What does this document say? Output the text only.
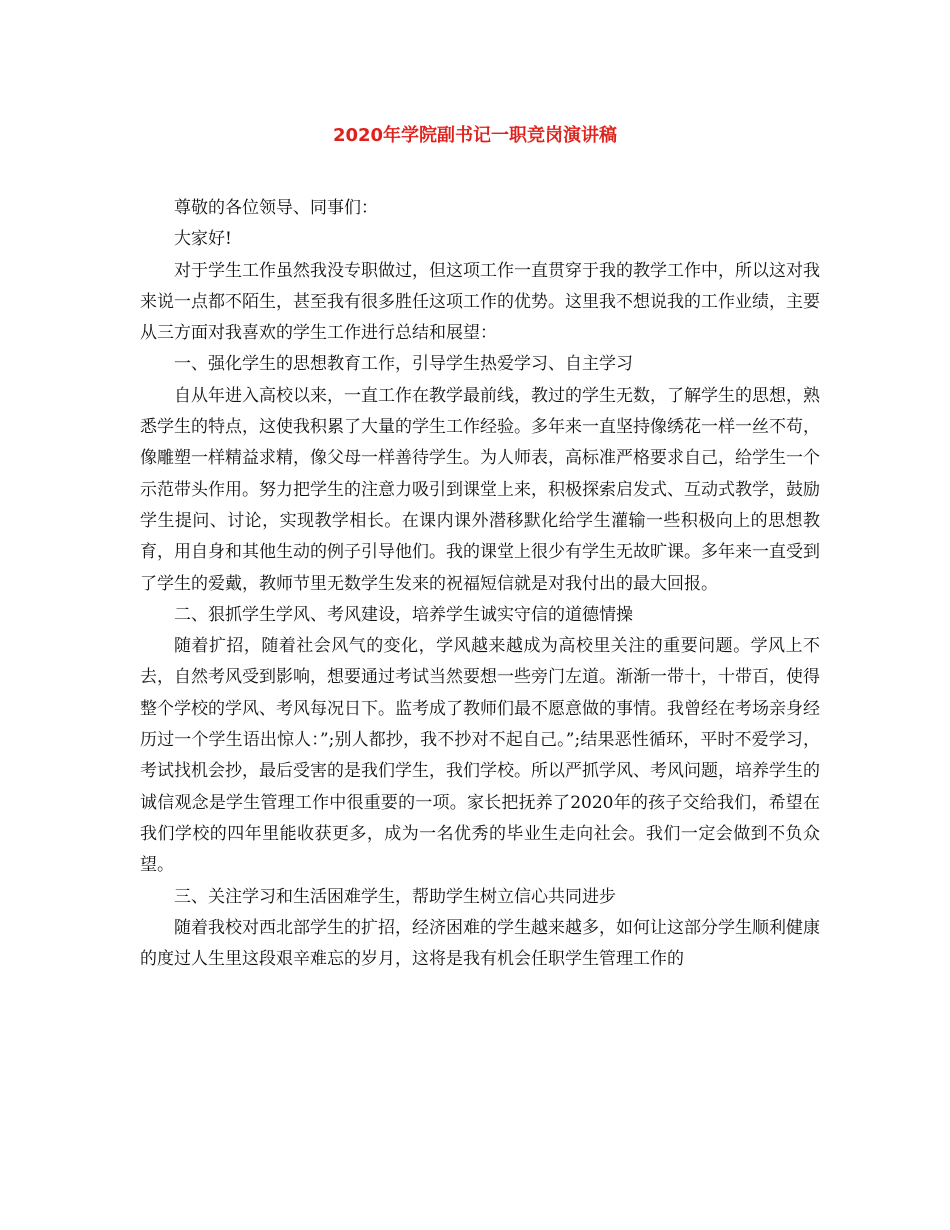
2020年学院副书记一职竞岗演讲稿

尊敬的各位领导、同事们：

大家好!

对于学生工作虽然我没专职做过，但这项工作一直贯穿于我的教学工作中，所以这对我来说一点都不陌生，甚至我有很多胜任这项工作的优势。这里我不想说我的工作业绩，主要从三方面对我喜欢的学生工作进行总结和展望：

一、强化学生的思想教育工作，引导学生热爱学习、自主学习

自从年进入高校以来，一直工作在教学最前线，教过的学生无数，了解学生的思想，熟悉学生的特点，这使我积累了大量的学生工作经验。多年来一直坚持像绣花一样一丝不苟，像雕塑一样精益求精，像父母一样善待学生。为人师表，高标准严格要求自己，给学生一个示范带头作用。努力把学生的注意力吸引到课堂上来，积极探索启发式、互动式教学，鼓励学生提问、讨论，实现教学相长。在课内课外潜移默化给学生灌输一些积极向上的思想教育，用自身和其他生动的例子引导他们。我的课堂上很少有学生无故旷课。多年来一直受到了学生的爱戴，教师节里无数学生发来的祝福短信就是对我付出的最大回报。

二、狠抓学生学风、考风建设，培养学生诚实守信的道德情操

随着扩招，随着社会风气的变化，学风越来越成为高校里关注的重要问题。学风上不去，自然考风受到影响，想要通过考试当然要想一些旁门左道。渐渐一带十，十带百，使得整个学校的学风、考风每况日下。监考成了教师们最不愿意做的事情。我曾经在考场亲身经历过一个学生语出惊人：”;别人都抄，我不抄对不起自己。”;结果恶性循环，平时不爱学习，考试找机会抄，最后受害的是我们学生，我们学校。所以严抓学风、考风问题，培养学生的诚信观念是学生管理工作中很重要的一项。家长把抚养了2020年的孩子交给我们，希望在我们学校的四年里能收获更多，成为一名优秀的毕业生走向社会。我们一定会做到不负众望。

三、关注学习和生活困难学生，帮助学生树立信心共同进步

随着我校对西北部学生的扩招，经济困难的学生越来越多，如何让这部分学生顺利健康的度过人生里这段艰辛难忘的岁月，这将是我有机会任职学生管理工作的
